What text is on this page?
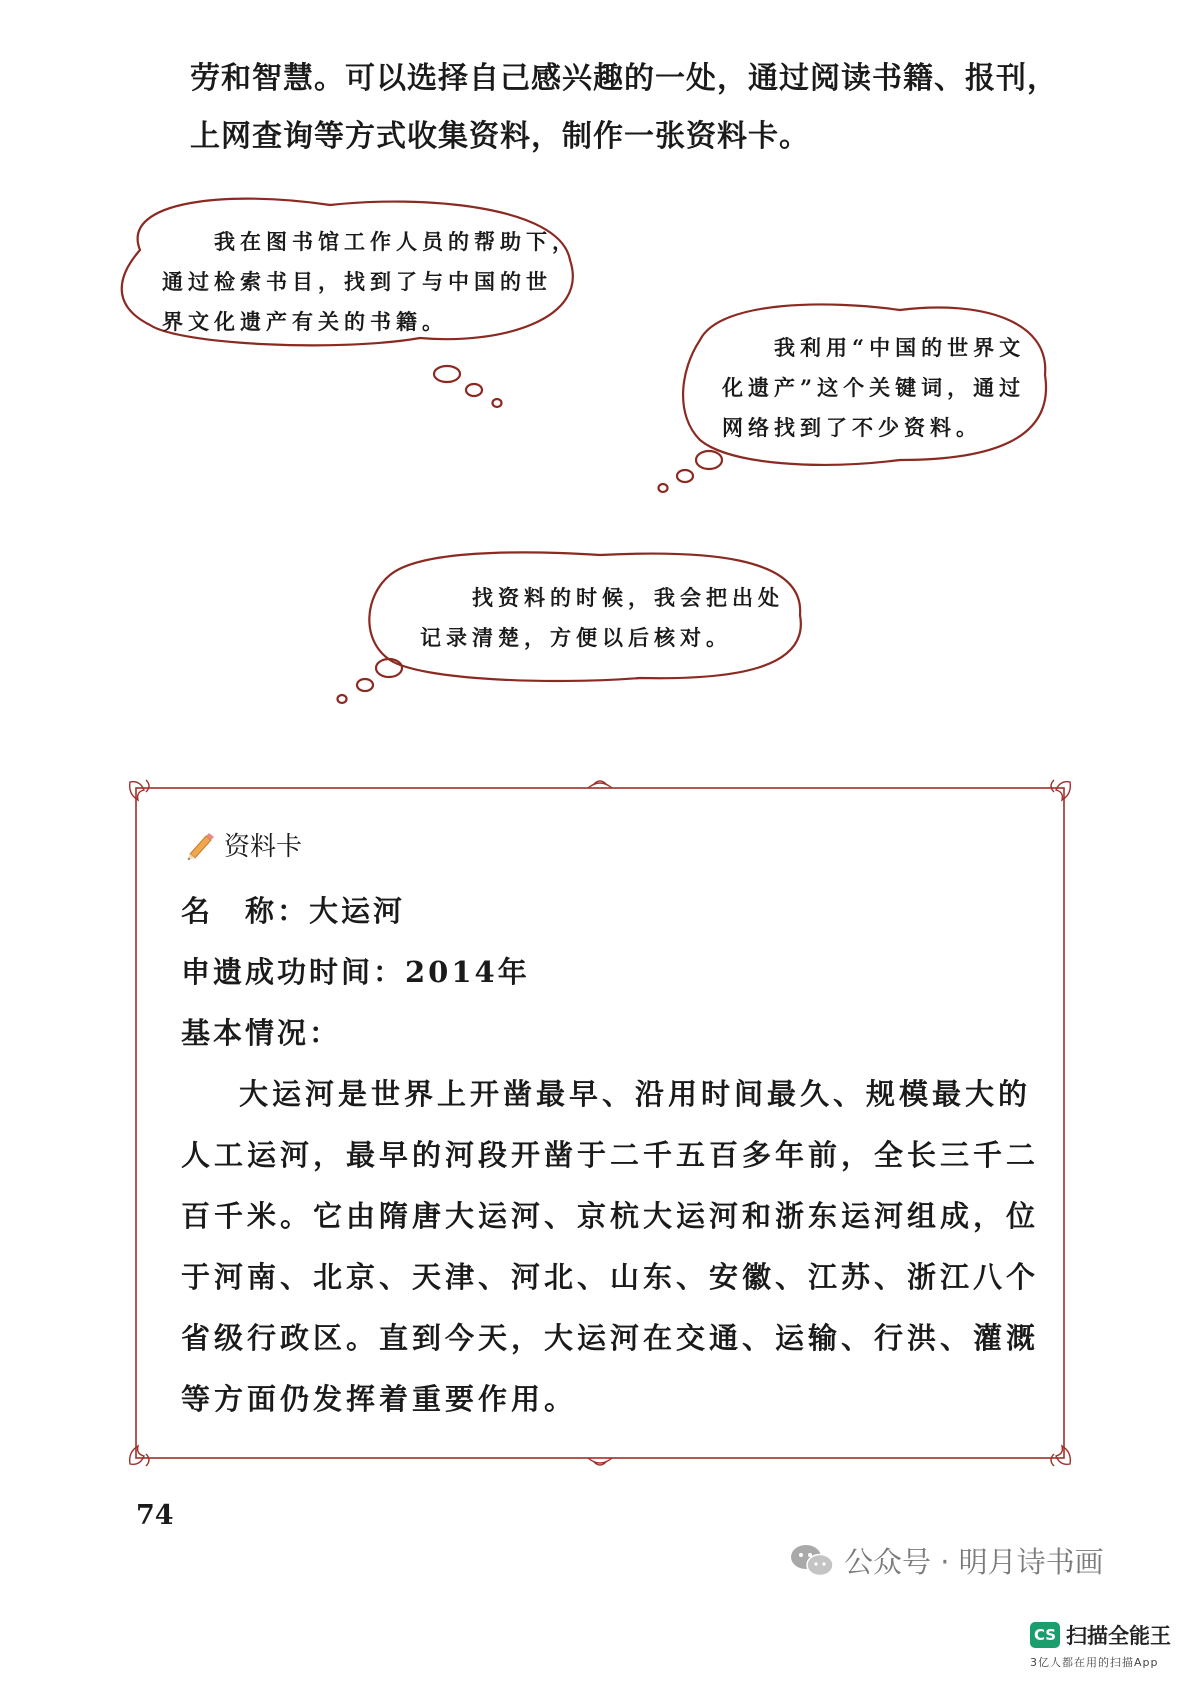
劳和智慧。可以选择自己感兴趣的一处，通过阅读书籍、报刊，

上网查询等方式收集资料，制作一张资料卡。

　　我在图书馆工作人员的帮助下，

通过检索书目，找到了与中国的世

界文化遗产有关的书籍。

　　我利用“中国的世界文

化遗产”这个关键词，通过

网络找到了不少资料。

　　找资料的时候，我会把出处

记录清楚，方便以后核对。

资料卡

名　称：大运河

申遗成功时间：2014年

基本情况：

大运河是世界上开凿最早、沿用时间最久、规模最大的人工运河，最早的河段开凿于二千五百多年前，全长三千二百千米。它由隋唐大运河、京杭大运河和浙东运河组成，位于河南、北京、天津、河北、山东、安徽、江苏、浙江八个省级行政区。直到今天，大运河在交通、运输、行洪、灌溉等方面仍发挥着重要作用。

74
公众号 · 明月诗书画
CS 扫描全能王
3亿人都在用的扫描App
